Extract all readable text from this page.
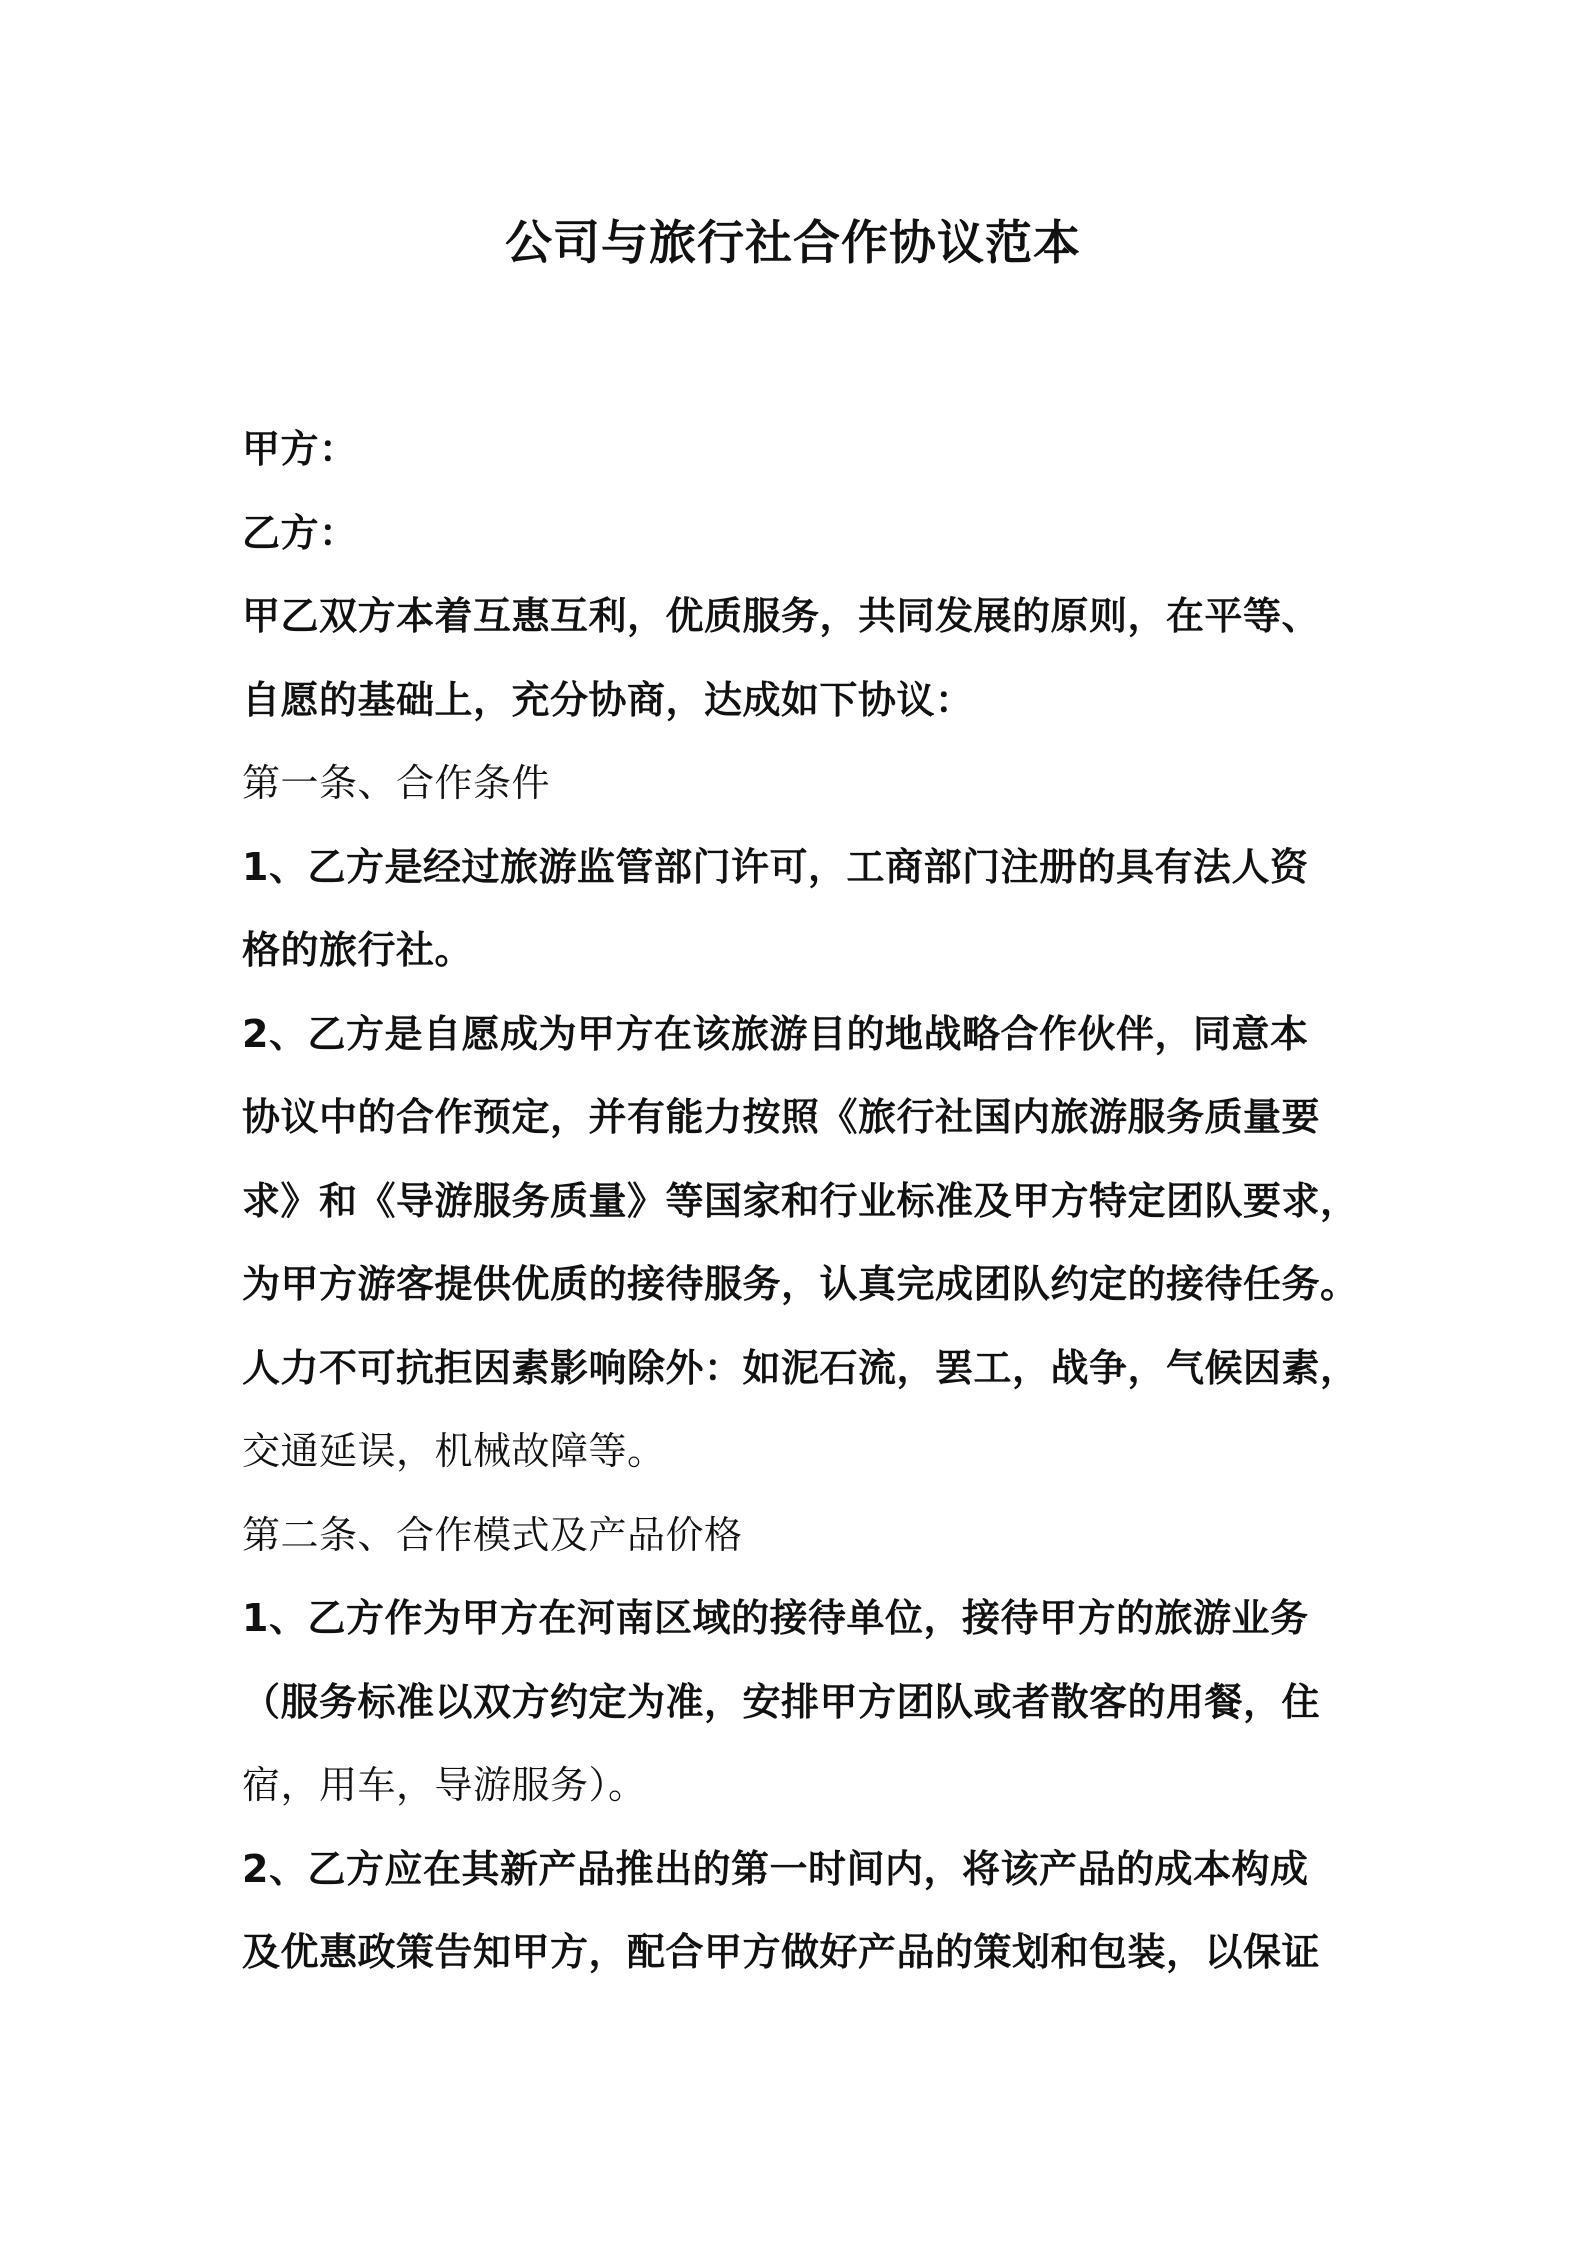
公司与旅行社合作协议范本
甲方：
乙方：
甲乙双方本着互惠互利，优质服务，共同发展的原则，在平等、
自愿的基础上，充分协商，达成如下协议：
第一条、合作条件
1、乙方是经过旅游监管部门许可，工商部门注册的具有法人资
格的旅行社。
2、乙方是自愿成为甲方在该旅游目的地战略合作伙伴，同意本
协议中的合作预定，并有能力按照《旅行社国内旅游服务质量要
求》和《导游服务质量》等国家和行业标准及甲方特定团队要求，
为甲方游客提供优质的接待服务，认真完成团队约定的接待任务。
人力不可抗拒因素影响除外：如泥石流，罢工，战争，气候因素，
交通延误，机械故障等。
第二条、合作模式及产品价格
1、乙方作为甲方在河南区域的接待单位，接待甲方的旅游业务
（服务标准以双方约定为准，安排甲方团队或者散客的用餐，住
宿，用车，导游服务）。
2、乙方应在其新产品推出的第一时间内，将该产品的成本构成
及优惠政策告知甲方，配合甲方做好产品的策划和包装，以保证
